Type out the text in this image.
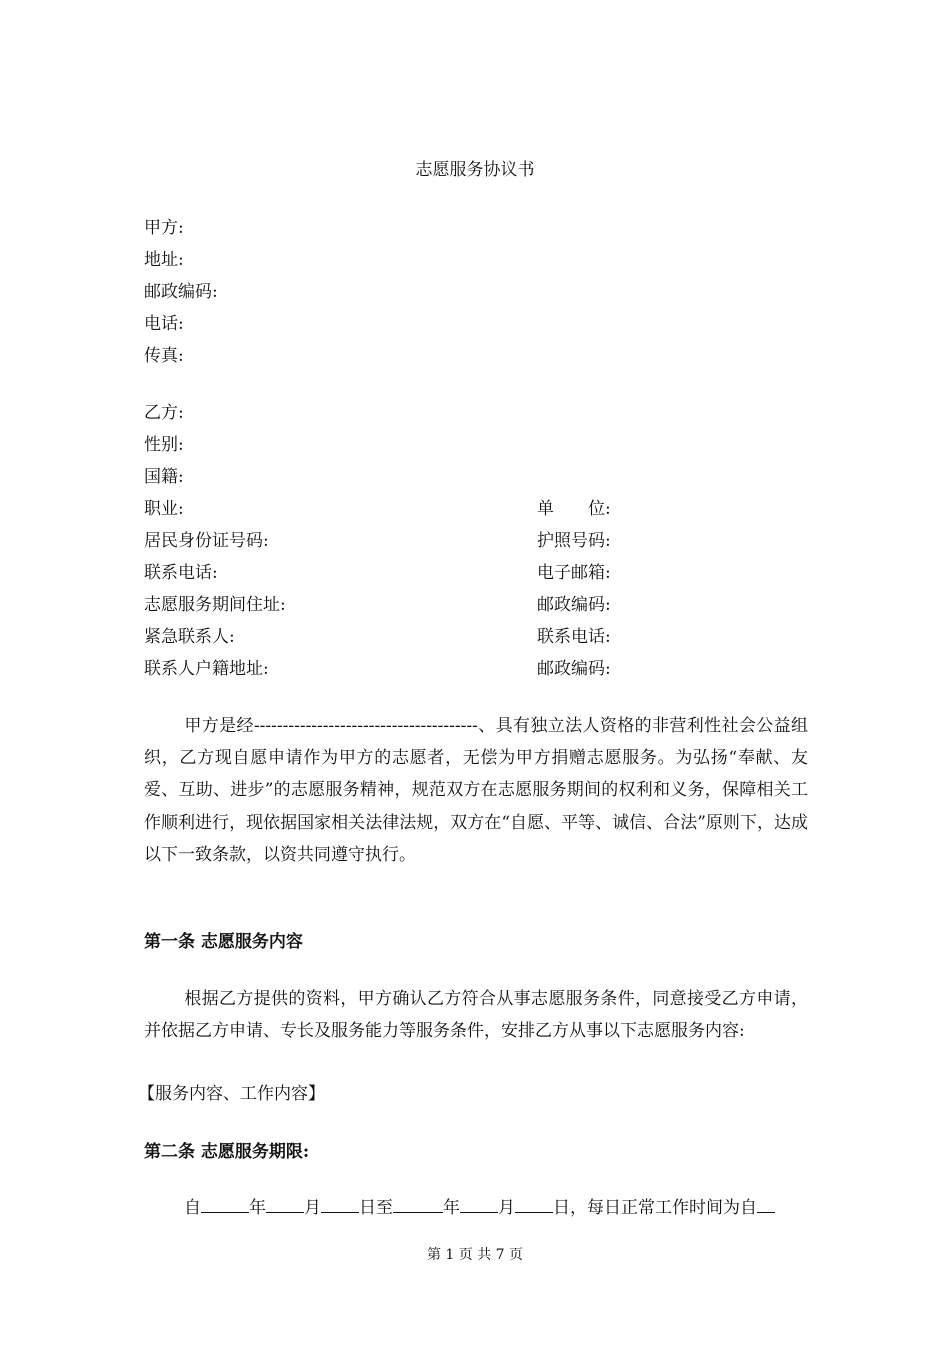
志愿服务协议书
甲方:
地址:
邮政编码:
电话:
传真:
乙方:
性别:
国籍:
职业:	单　　位:
居民身份证号码:	护照号码:
联系电话:	电子邮箱:
志愿服务期间住址:	邮政编码:
紧急联系人:	联系电话:
联系人户籍地址:	邮政编码:
甲方是经---------------------------------------、具有独立法人资格的非营利性社会公益组织，乙方现自愿申请作为甲方的志愿者，无偿为甲方捐赠志愿服务。为弘扬“奉献、友爱、互助、进步”的志愿服务精神，规范双方在志愿服务期间的权利和义务，保障相关工作顺利进行，现依据国家相关法律法规，双方在“自愿、平等、诚信、合法”原则下，达成以下一致条款，以资共同遵守执行。
第一条 志愿服务内容
根据乙方提供的资料，甲方确认乙方符合从事志愿服务条件，同意接受乙方申请，并依据乙方申请、专长及服务能力等服务条件，安排乙方从事以下志愿服务内容:
【服务内容、工作内容】
第二条 志愿服务期限:
自	年 月 日至	年 月 日，每日正常工作时间为自
第 1 页 共 7 页
